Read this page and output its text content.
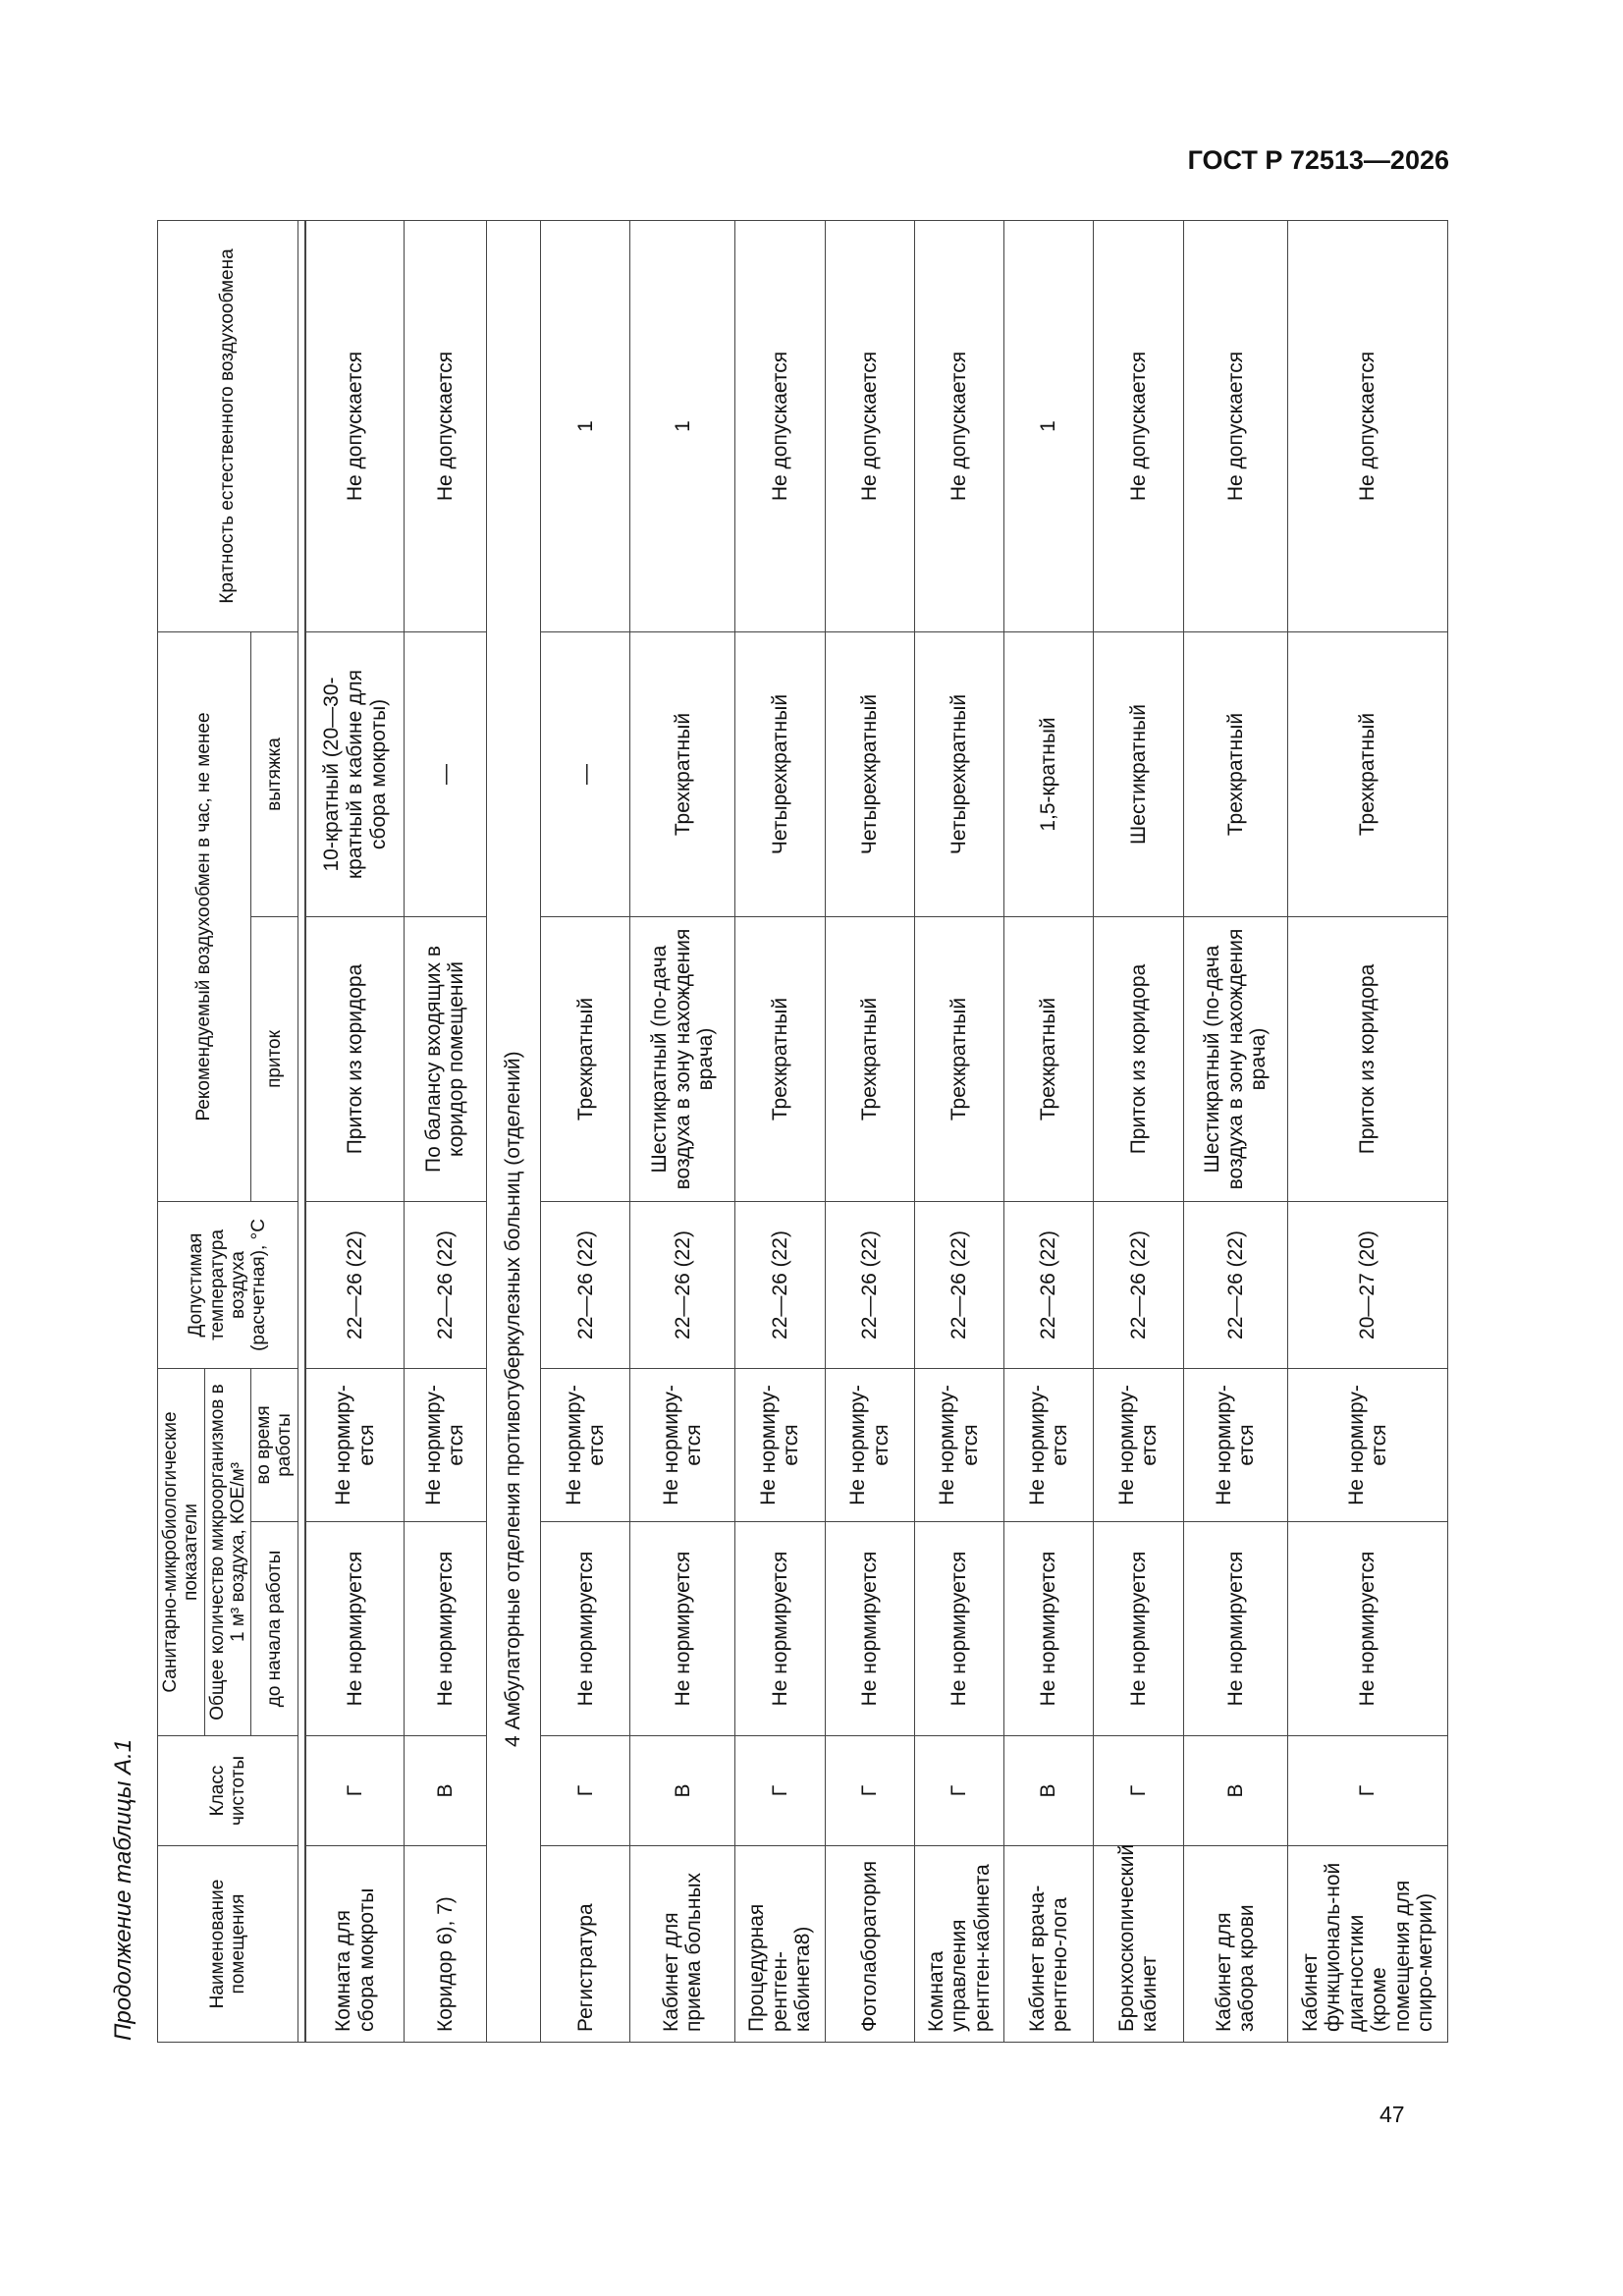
ГОСТ Р 72513—2026
Продолжение таблицы А.1	Наименование помещения	Класс чистоты	Санитарно-микробиологические показатели		Допустимая температура воздуха (расчетная), °С	Рекомендуемый воздухообмен в час, не менее		Кратность естественного воздухообмена
		Общее количество микроорганизмов в 1 м³ воздуха, КОЕ/м³					
		до начала работы	во время работы		приток	вытяжка	

Комната для сбора мокроты	Г	Не нормируется	Не нормиру-ется	22—26 (22)	Приток из коридора	10-кратный (20—30-кратный в кабине для сбора мокроты)	Не допускается
Коридор 6), 7)	В	Не нормируется	Не нормиру-ется	22—26 (22)	По балансу входящих в коридор помещений	—	Не допускается
4 Амбулаторные отделения противотуберкулезных больниц (отделений)							
Регистратура	Г	Не нормируется	Не нормиру-ется	22—26 (22)	Трехкратный	—	1
Кабинет для приема больных	В	Не нормируется	Не нормиру-ется	22—26 (22)	Шестикратный (по-дача воздуха в зону нахождения врача)	Трехкратный	1
Процедурная рентген-кабинета8)	Г	Не нормируется	Не нормиру-ется	22—26 (22)	Трехкратный	Четырехкратный	Не допускается
Фотолаборатория	Г	Не нормируется	Не нормиру-ется	22—26 (22)	Трехкратный	Четырехкратный	Не допускается
Комната управления рентген-кабинета	Г	Не нормируется	Не нормиру-ется	22—26 (22)	Трехкратный	Четырехкратный	Не допускается
Кабинет врача-рентгено-лога	В	Не нормируется	Не нормиру-ется	22—26 (22)	Трехкратный	1,5-кратный	1
Бронхоскопический кабинет	Г	Не нормируется	Не нормиру-ется	22—26 (22)	Приток из коридора	Шестикратный	Не допускается
Кабинет для забора крови	В	Не нормируется	Не нормиру-ется	22—26 (22)	Шестикратный (по-дача воздуха в зону нахождения врача)	Трехкратный	Не допускается
Кабинет функциональ-ной диагностики (кроме помещения для спиро-метрии)	Г	Не нормируется	Не нормиру-ется	20—27 (20)	Приток из коридора	Трехкратный	Не допускается
47
